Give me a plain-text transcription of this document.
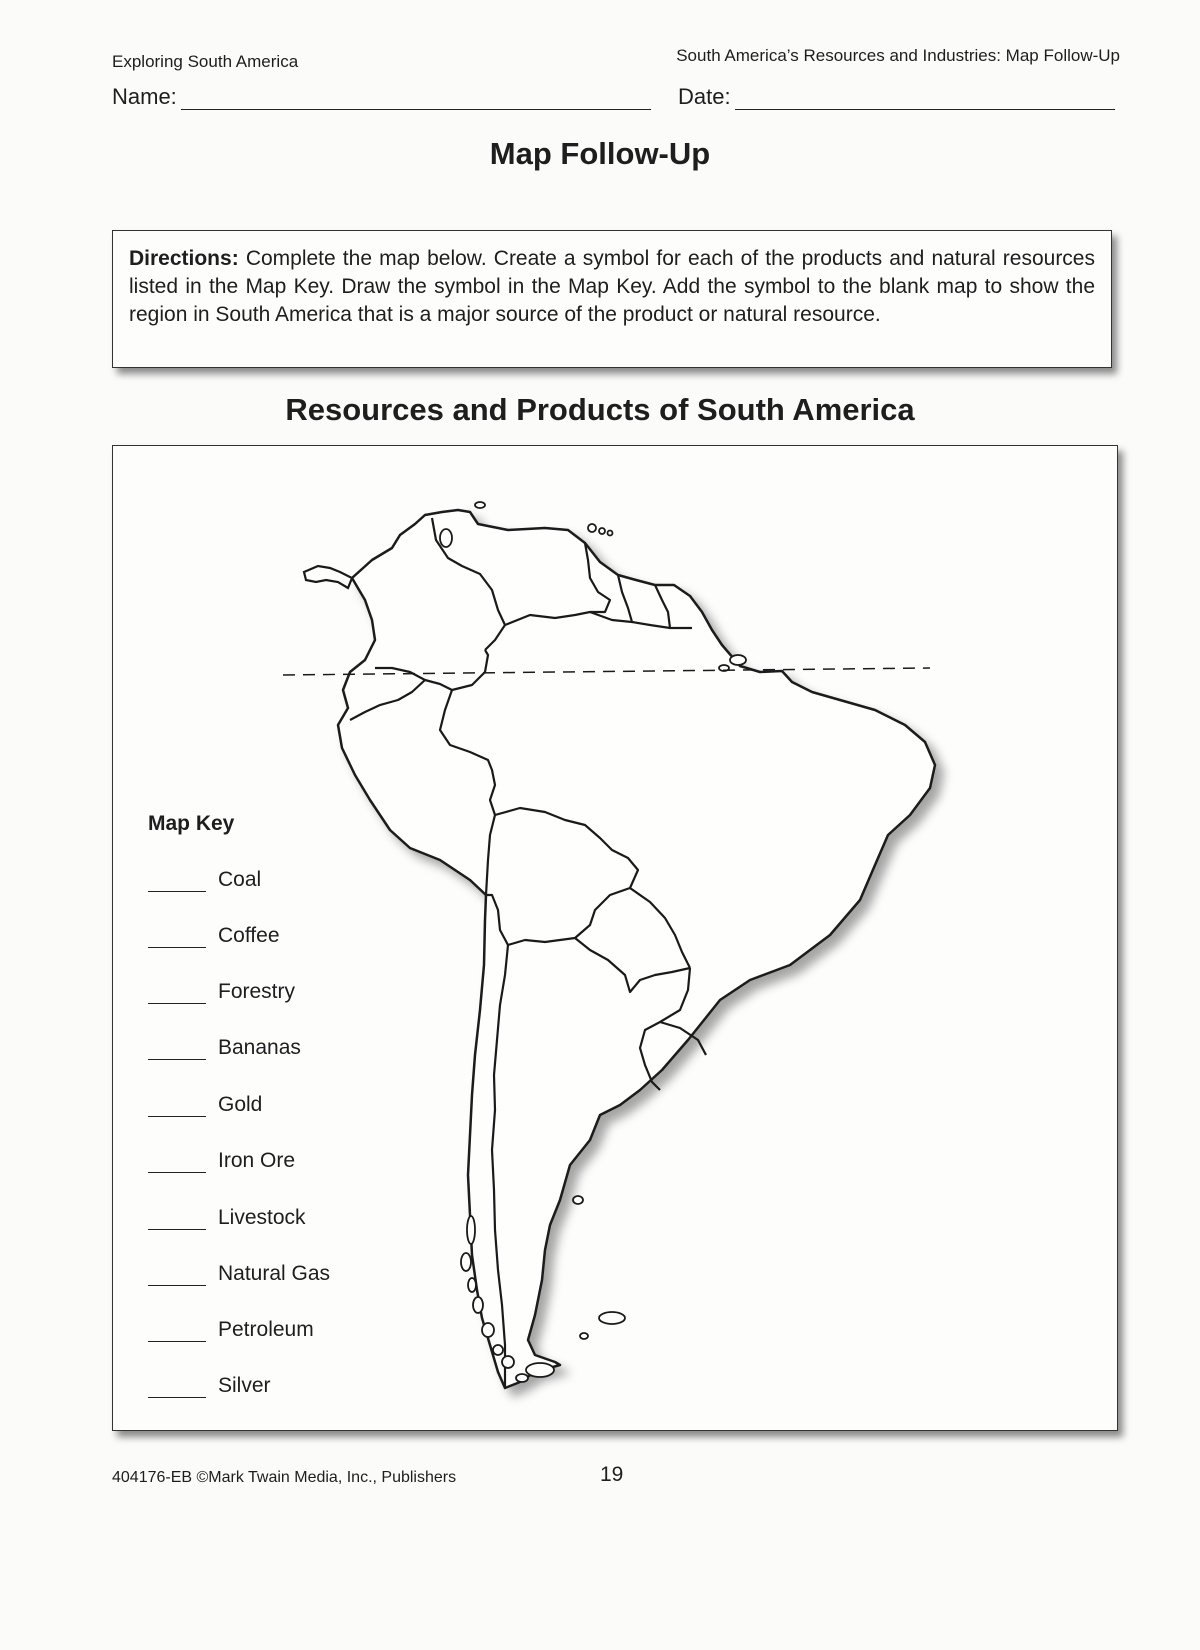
Exploring South America	South America’s Resources and Industries: Map Follow-Up
Name:	Date:
Map Follow-Up

Directions: Complete the map below. Create a symbol for each of the products and natural resources listed in the Map Key. Draw the symbol in the Map Key. Add the symbol to the blank map to show the region in South America that is a major source of the product or natural resource.

Resources and Products of South America
Map Key
Coal
Coffee
Forestry
Bananas
Gold
Iron Ore
Livestock
Natural Gas
Petroleum
Silver
404176-EB ©Mark Twain Media, Inc., Publishers	19
